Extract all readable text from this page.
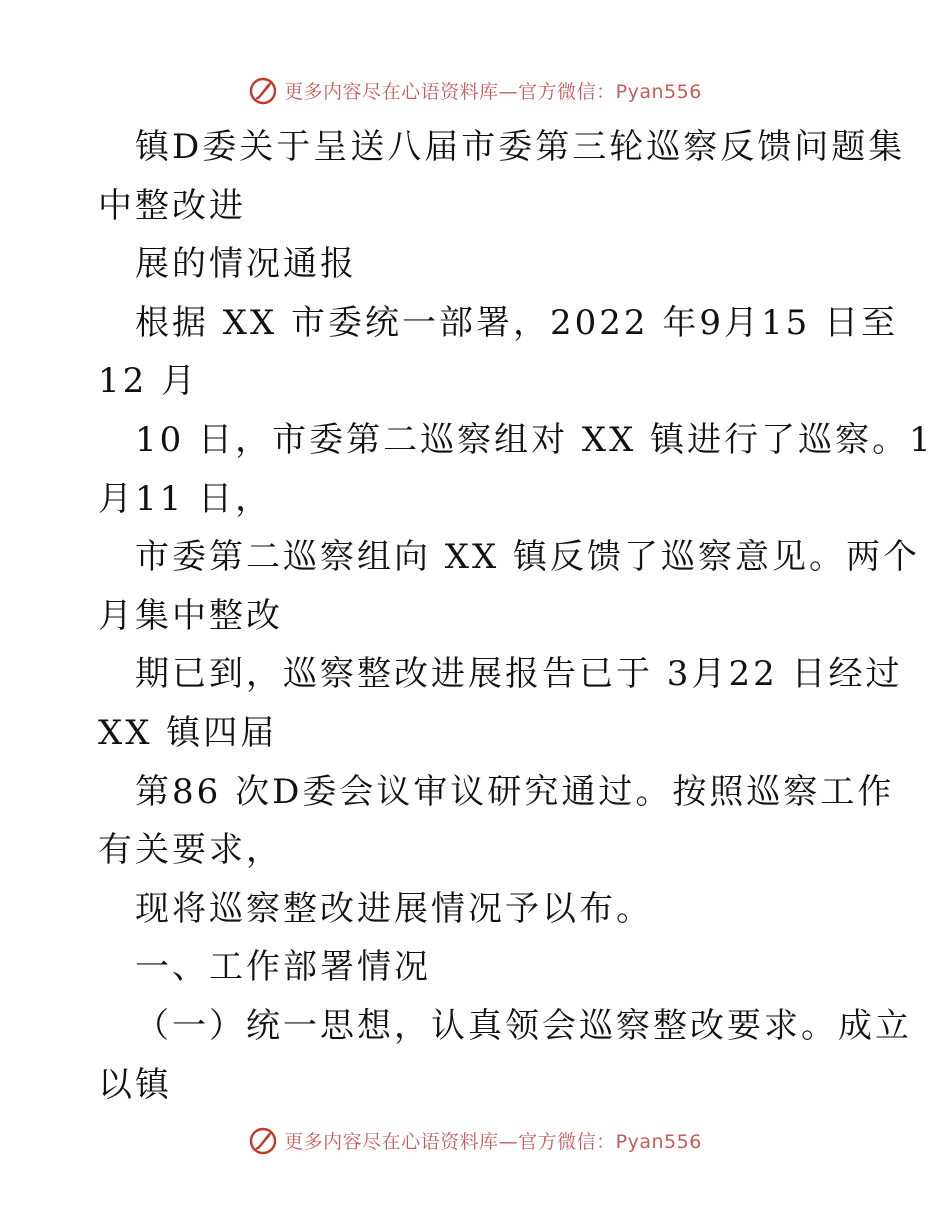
更多内容尽在心语资料库—官方微信：Pyan556
镇D委关于呈送八届市委第三轮巡察反馈问题集
中整改进
展的情况通报
根据 XX 市委统一部署，2022 年9月15 日至
12 月
10 日，市委第二巡察组对 XX 镇进行了巡察。1
月11 日，
市委第二巡察组向 XX 镇反馈了巡察意见。两个
月集中整改
期已到，巡察整改进展报告已于 3月22 日经过
XX 镇四届
第86 次D委会议审议研究通过。按照巡察工作
有关要求，
现将巡察整改进展情况予以布。
一、工作部署情况
（一）统一思想，认真领会巡察整改要求。成立
以镇
更多内容尽在心语资料库—官方微信：Pyan556
